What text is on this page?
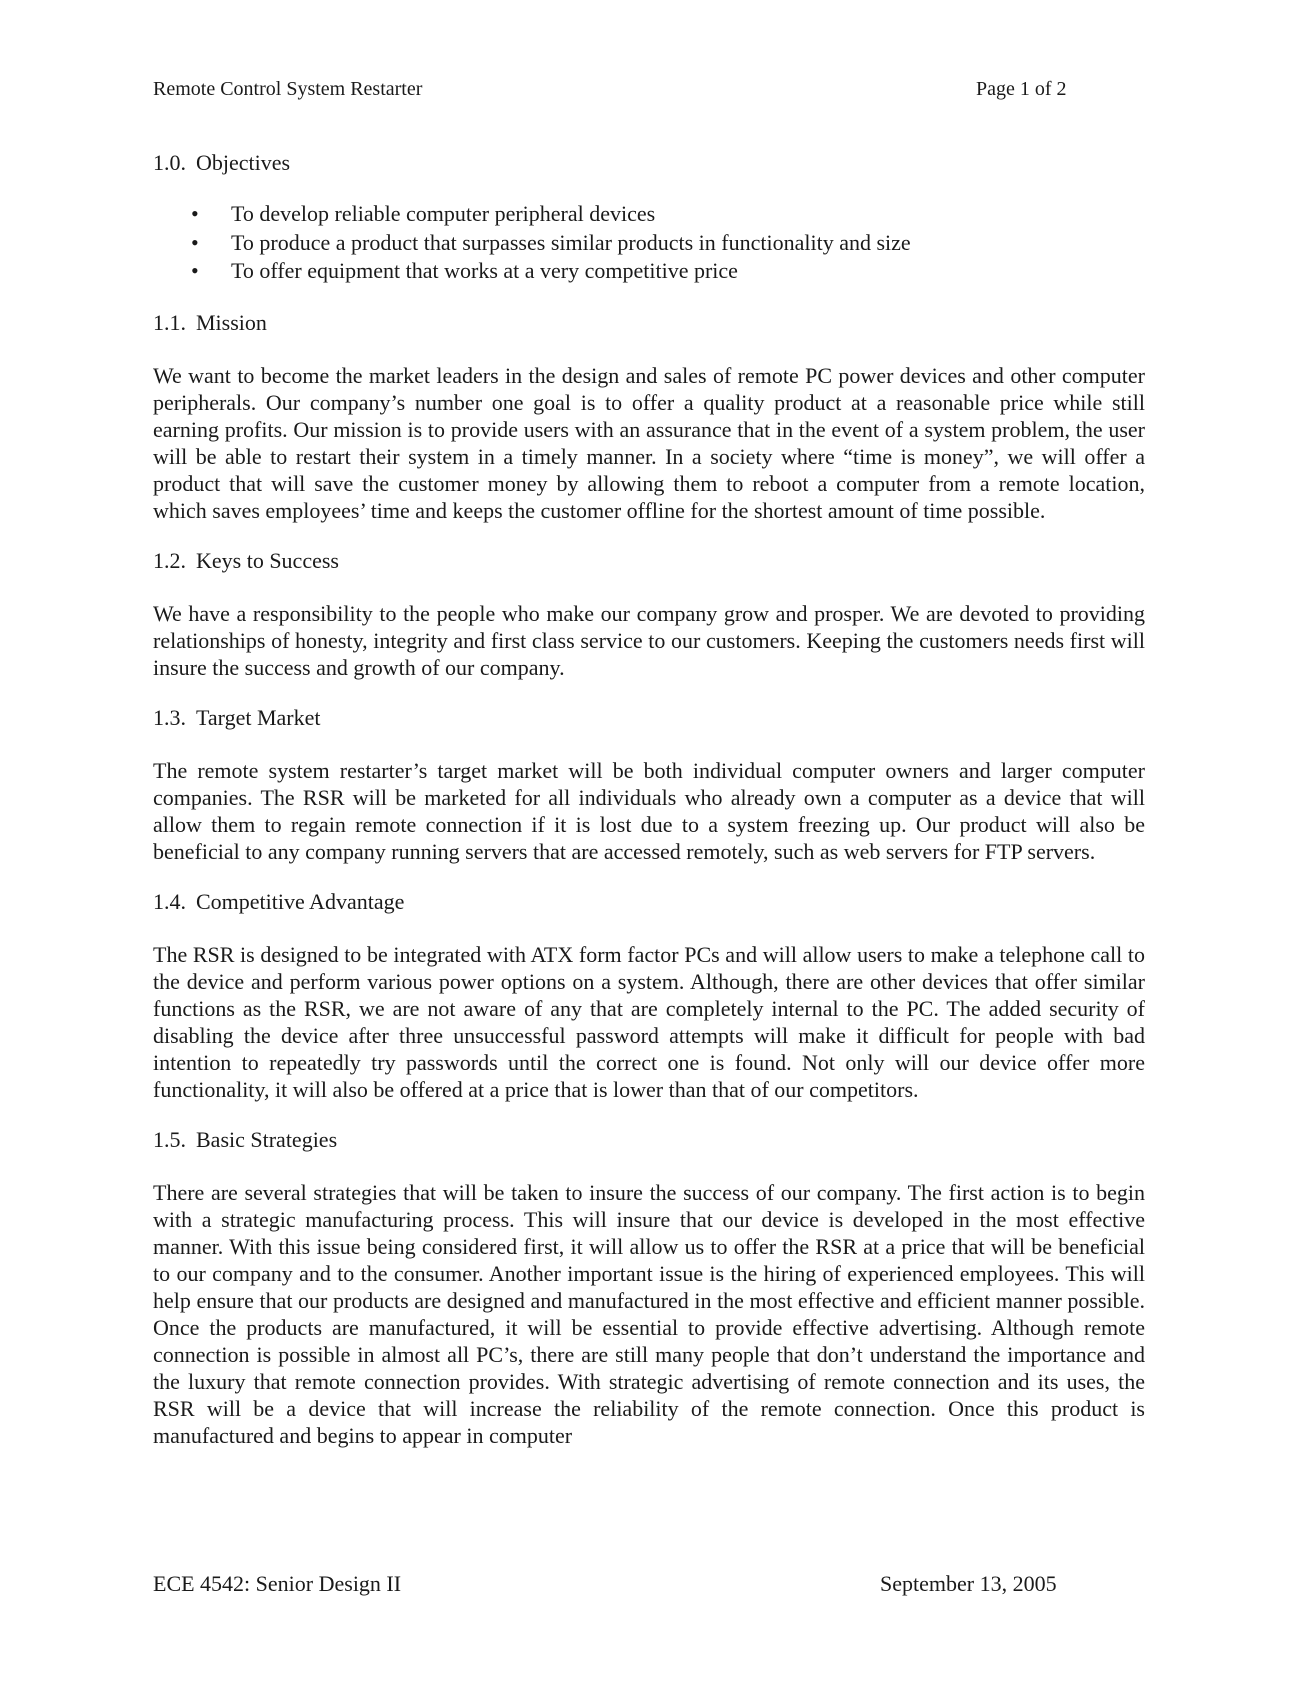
Remote Control System Restarter	Page 1 of 2
1.0. Objectives
• To develop reliable computer peripheral devices
• To produce a product that surpasses similar products in functionality and size
• To offer equipment that works at a very competitive price
1.1. Mission

We want to become the market leaders in the design and sales of remote PC power devices and other computer peripherals. Our company’s number one goal is to offer a quality product at a reasonable price while still earning profits. Our mission is to provide users with an assurance that in the event of a system problem, the user will be able to restart their system in a timely manner. In a society where “time is money”, we will offer a product that will save the customer money by allowing them to reboot a computer from a remote location, which saves employees’ time and keeps the customer offline for the shortest amount of time possible.

1.2. Keys to Success

We have a responsibility to the people who make our company grow and prosper. We are devoted to providing relationships of honesty, integrity and first class service to our customers. Keeping the customers needs first will insure the success and growth of our company.

1.3. Target Market

The remote system restarter’s target market will be both individual computer owners and larger computer companies. The RSR will be marketed for all individuals who already own a computer as a device that will allow them to regain remote connection if it is lost due to a system freezing up. Our product will also be beneficial to any company running servers that are accessed remotely, such as web servers for FTP servers.

1.4. Competitive Advantage

The RSR is designed to be integrated with ATX form factor PCs and will allow users to make a telephone call to the device and perform various power options on a system. Although, there are other devices that offer similar functions as the RSR, we are not aware of any that are completely internal to the PC. The added security of disabling the device after three unsuccessful password attempts will make it difficult for people with bad intention to repeatedly try passwords until the correct one is found. Not only will our device offer more functionality, it will also be offered at a price that is lower than that of our competitors.

1.5. Basic Strategies

There are several strategies that will be taken to insure the success of our company. The first action is to begin with a strategic manufacturing process. This will insure that our device is developed in the most effective manner. With this issue being considered first, it will allow us to offer the RSR at a price that will be beneficial to our company and to the consumer. Another important issue is the hiring of experienced employees. This will help ensure that our products are designed and manufactured in the most effective and efficient manner possible. Once the products are manufactured, it will be essential to provide effective advertising. Although remote connection is possible in almost all PC’s, there are still many people that don’t understand the importance and the luxury that remote connection provides. With strategic advertising of remote connection and its uses, the RSR will be a device that will increase the reliability of the remote connection. Once this product is manufactured and begins to appear in computer

ECE 4542: Senior Design II	September 13, 2005
